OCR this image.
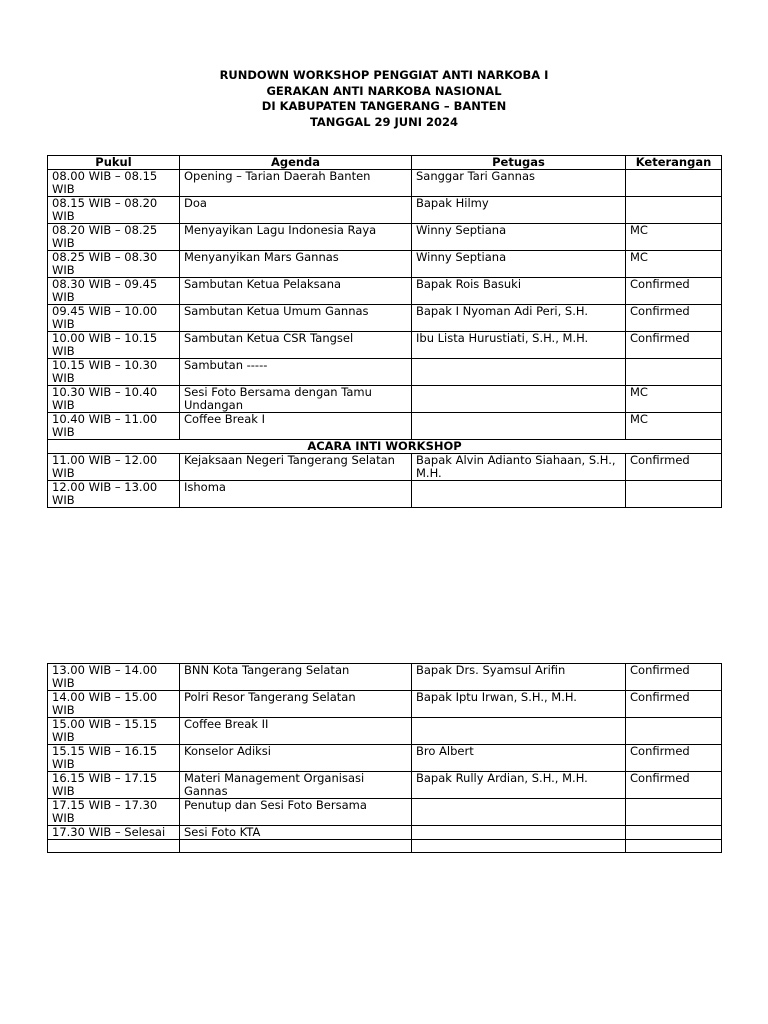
RUNDOWN WORKSHOP PENGGIAT ANTI NARKOBA I
GERAKAN ANTI NARKOBA NASIONAL
DI KABUPATEN TANGERANG – BANTEN
TANGGAL 29 JUNI 2024
Pukul	Agenda	Petugas	Keterangan
08.00 WIB – 08.15 WIB	Opening – Tarian Daerah Banten	Sanggar Tari Gannas	
08.15 WIB – 08.20 WIB	Doa	Bapak Hilmy	
08.20 WIB – 08.25 WIB	Menyayikan Lagu Indonesia Raya	Winny Septiana	MC
08.25 WIB – 08.30 WIB	Menyanyikan Mars Gannas	Winny Septiana	MC
08.30 WIB – 09.45 WIB	Sambutan Ketua Pelaksana	Bapak Rois Basuki	Confirmed
09.45 WIB – 10.00 WIB	Sambutan Ketua Umum Gannas	Bapak I Nyoman Adi Peri, S.H.	Confirmed
10.00 WIB – 10.15 WIB	Sambutan Ketua CSR Tangsel	Ibu Lista Hurustiati, S.H., M.H.	Confirmed
10.15 WIB – 10.30 WIB	Sambutan -----		
10.30 WIB – 10.40 WIB	Sesi Foto Bersama dengan Tamu Undangan		MC
10.40 WIB – 11.00 WIB	Coffee Break I		MC
ACARA INTI WORKSHOP			
11.00 WIB – 12.00 WIB	Kejaksaan Negeri Tangerang Selatan	Bapak Alvin Adianto Siahaan, S.H., M.H.	Confirmed
12.00 WIB – 13.00 WIB	Ishoma		
13.00 WIB – 14.00 WIB	BNN Kota Tangerang Selatan	Bapak Drs. Syamsul Arifin	Confirmed
14.00 WIB – 15.00 WIB	Polri Resor Tangerang Selatan	Bapak Iptu Irwan, S.H., M.H.	Confirmed
15.00 WIB – 15.15 WIB	Coffee Break II		
15.15 WIB – 16.15 WIB	Konselor Adiksi	Bro Albert	Confirmed
16.15 WIB – 17.15 WIB	Materi Management Organisasi Gannas	Bapak Rully Ardian, S.H., M.H.	Confirmed
17.15 WIB – 17.30 WIB	Penutup dan Sesi Foto Bersama		
17.30 WIB – Selesai	Sesi Foto KTA		
